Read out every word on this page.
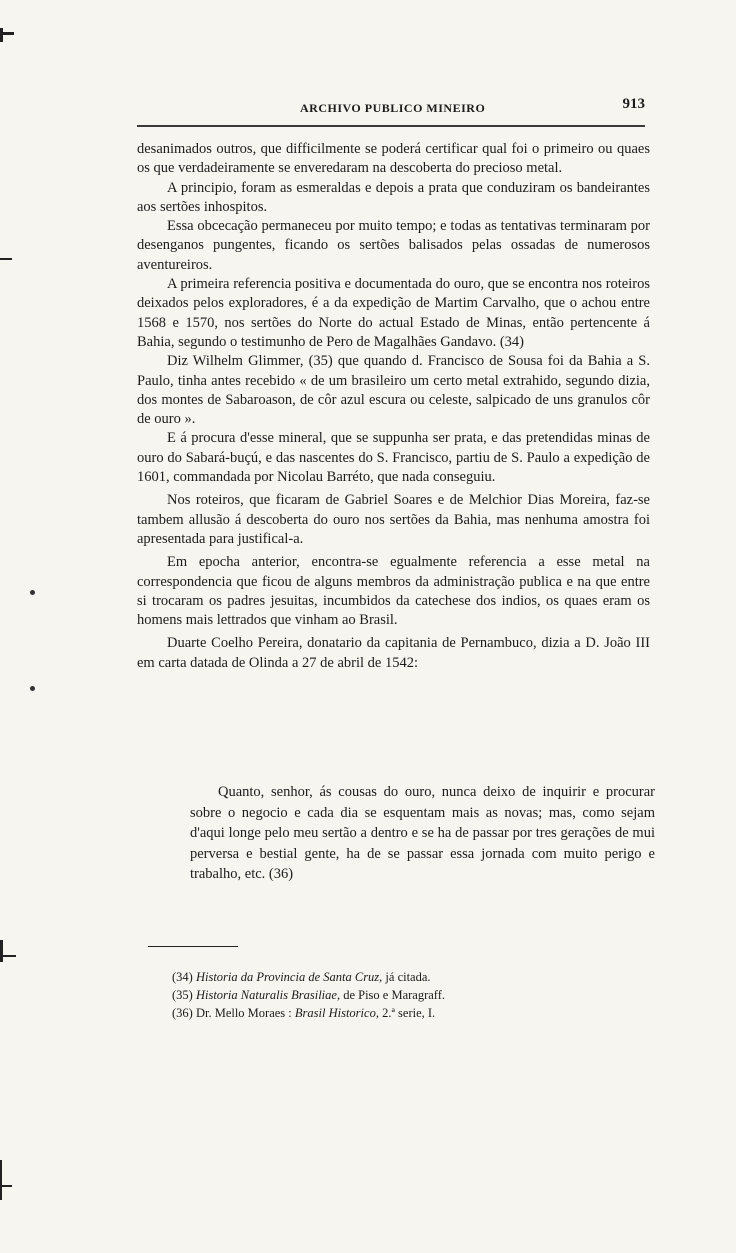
ARCHIVO PUBLICO MINEIRO	913

desanimados outros, que difficilmente se poderá certificar qual foi o primeiro ou quaes os que verdadeiramente se enveredaram na descoberta do precioso metal.

A principio, foram as esmeraldas e depois a prata que conduziram os bandeirantes aos sertões inhospitos.

Essa obcecação permaneceu por muito tempo; e todas as tentativas terminaram por desenganos pungentes, ficando os sertões balisados pelas ossadas de numerosos aventureiros.

A primeira referencia positiva e documentada do ouro, que se encontra nos roteiros deixados pelos exploradores, é a da expedição de Martim Carvalho, que o achou entre 1568 e 1570, nos sertões do Norte do actual Estado de Minas, então pertencente á Bahia, segundo o testimunho de Pero de Magalhães Gandavo. (34)

Diz Wilhelm Glimmer, (35) que quando d. Francisco de Sousa foi da Bahia a S. Paulo, tinha antes recebido « de um brasileiro um certo metal extrahido, segundo dizia, dos montes de Sabaroason, de côr azul escura ou celeste, salpicado de uns granulos côr de ouro ».

E á procura d'esse mineral, que se suppunha ser prata, e das pretendidas minas de ouro do Sabará-buçú, e das nascentes do S. Francisco, partiu de S. Paulo a expedição de 1601, commandada por Nicolau Barréto, que nada conseguiu.

Nos roteiros, que ficaram de Gabriel Soares e de Melchior Dias Moreira, faz-se tambem allusão á descoberta do ouro nos sertões da Bahia, mas nenhuma amostra foi apresentada para justifical-a.

Em epocha anterior, encontra-se egualmente referencia a esse metal na correspondencia que ficou de alguns membros da administração publica e na que entre si trocaram os padres jesuitas, incumbidos da catechese dos indios, os quaes eram os homens mais lettrados que vinham ao Brasil.

Duarte Coelho Pereira, donatario da capitania de Pernambuco, dizia a D. João III em carta datada de Olinda a 27 de abril de 1542:

Quanto, senhor, ás cousas do ouro, nunca deixo de inquirir e procurar sobre o negocio e cada dia se esquentam mais as novas; mas, como sejam d'aqui longe pelo meu sertão a dentro e se ha de passar por tres gerações de mui perversa e bestial gente, ha de se passar essa jornada com muito perigo e trabalho, etc. (36)

(34) Historia da Provincia de Santa Cruz, já citada.
(35) Historia Naturalis Brasiliae, de Piso e Maragraff.
(36) Dr. Mello Moraes : Brasil Historico, 2.ª serie, I.
